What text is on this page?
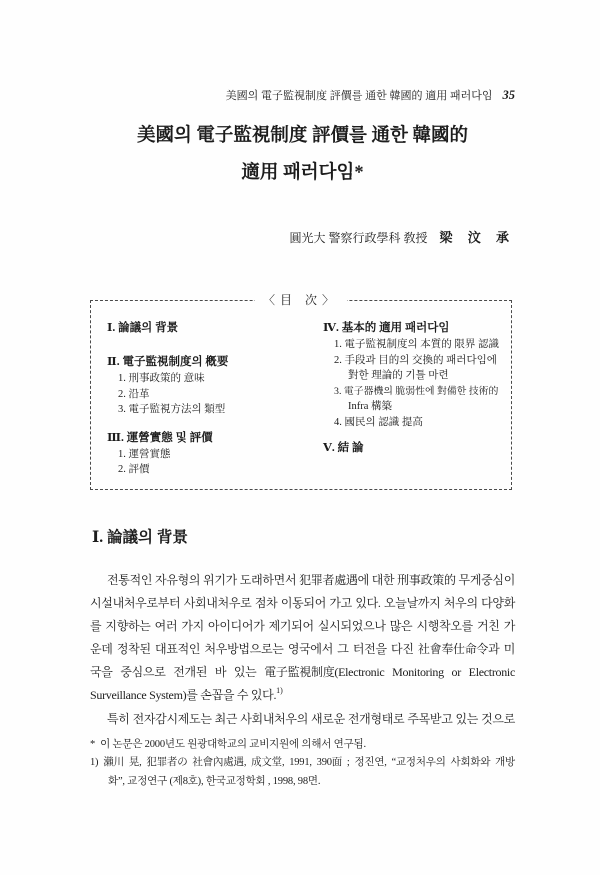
美國의 電子監視制度 評價를 通한 韓國的 適用 패러다임 35
美國의 電子監視制度 評價를 通한 韓國的
適用 패러다임*
圓光大 警察行政學科 敎授 梁 汶 承
〈目 次〉
Ⅰ. 論議의 背景
Ⅱ. 電子監視制度의 槪要
1. 刑事政策的 意味
2. 沿革
3. 電子監視方法의 類型
Ⅲ. 運營實態 및 評價
1. 運營實態
2. 評價
Ⅳ. 基本的 適用 패러다임
1. 電子監視制度의 本質的 限界 認識
2. 手段과 目的의 交換的 패러다임에
對한 理論的 기틀 마련
3. 電子器機의 脆弱性에 對備한 技術的
Infra 構築
4. 國民의 認識 提高
Ⅴ. 結 論
Ⅰ. 論議의 背景
전통적인 자유형의 위기가 도래하면서 犯罪者處遇에 대한 刑事政策的 무게중심이
시설내처우로부터 사회내처우로 점차 이동되어 가고 있다. 오늘날까지 처우의 다양화
를 지향하는 여러 가지 아이디어가 제기되어 실시되었으나 많은 시행착오를 거친 가
운데 정착된 대표적인 처우방법으로는 영국에서 그 터전을 다진 社會奉仕命令과 미
국을 중심으로 전개된 바 있는 電子監視制度(Electronic Monitoring or Electronic
Surveillance System)를 손꼽을 수 있다.$^{1)}$
특히 전자감시제도는 최근 사회내처우의 새로운 전개형태로 주목받고 있는 것으로
* 이 논문은 2000년도 원광대학교의 교비지원에 의해서 연구됨.
1) 瀨川 晃, 犯罪者の 社會內處遇, 成文堂, 1991, 390面 ; 정진연, “교정처우의 사회화와 개방
화”, 교정연구 (제8호), 한국교정학회 , 1998, 98면.
